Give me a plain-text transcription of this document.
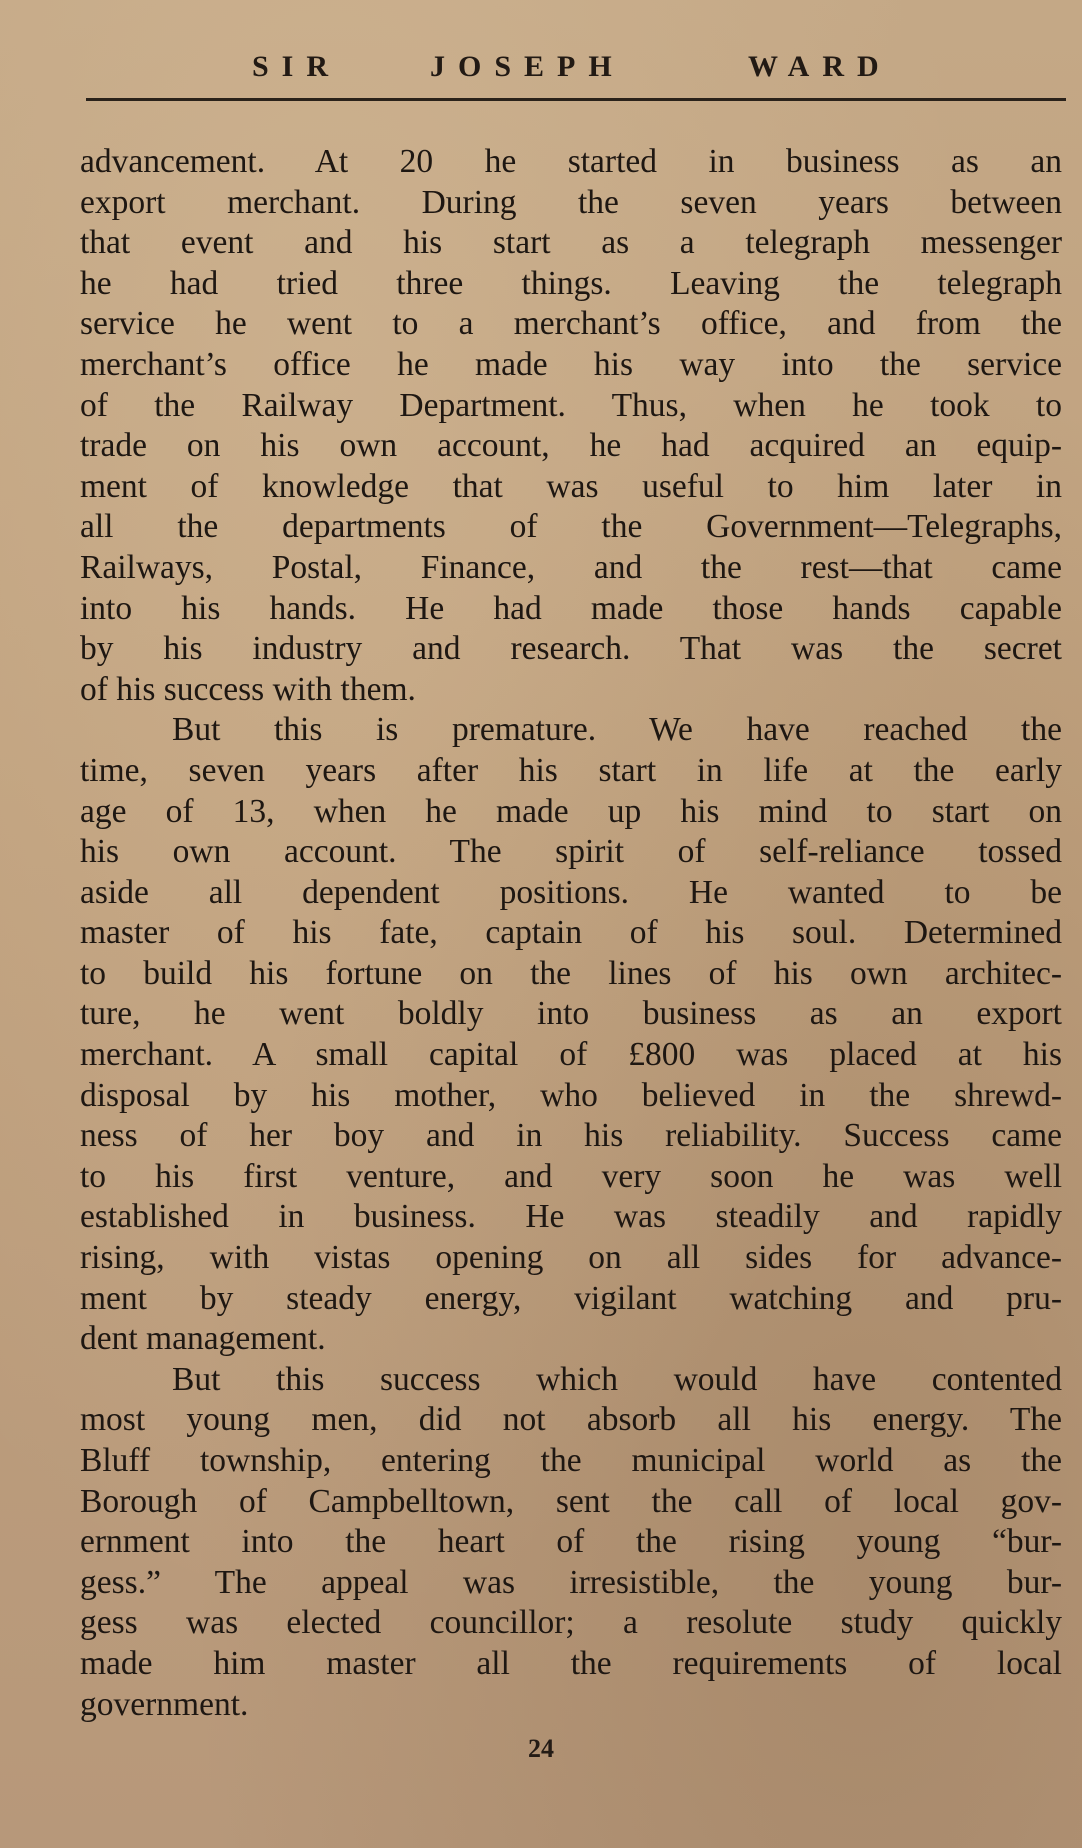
SIR	JOSEPH	WARD
advancement. At 20 he started in business as an
export merchant. During the seven years between
that event and his start as a telegraph messenger
he had tried three things. Leaving the telegraph
service he went to a merchant’s office, and from the
merchant’s office he made his way into the service
of the Railway Department. Thus, when he took to
trade on his own account, he had acquired an equip-
ment of knowledge that was useful to him later in
all the departments of the Government—Telegraphs,
Railways, Postal, Finance, and the rest—that came
into his hands. He had made those hands capable
by his industry and research. That was the secret
of his success with them.
But this is premature. We have reached the
time, seven years after his start in life at the early
age of 13, when he made up his mind to start on
his own account. The spirit of self-reliance tossed
aside all dependent positions. He wanted to be
master of his fate, captain of his soul. Determined
to build his fortune on the lines of his own architec-
ture, he went boldly into business as an export
merchant. A small capital of £800 was placed at his
disposal by his mother, who believed in the shrewd-
ness of her boy and in his reliability. Success came
to his first venture, and very soon he was well
established in business. He was steadily and rapidly
rising, with vistas opening on all sides for advance-
ment by steady energy, vigilant watching and pru-
dent management.
But this success which would have contented
most young men, did not absorb all his energy. The
Bluff township, entering the municipal world as the
Borough of Campbelltown, sent the call of local gov-
ernment into the heart of the rising young “bur-
gess.” The appeal was irresistible, the young bur-
gess was elected councillor; a resolute study quickly
made him master all the requirements of local
government.
24
